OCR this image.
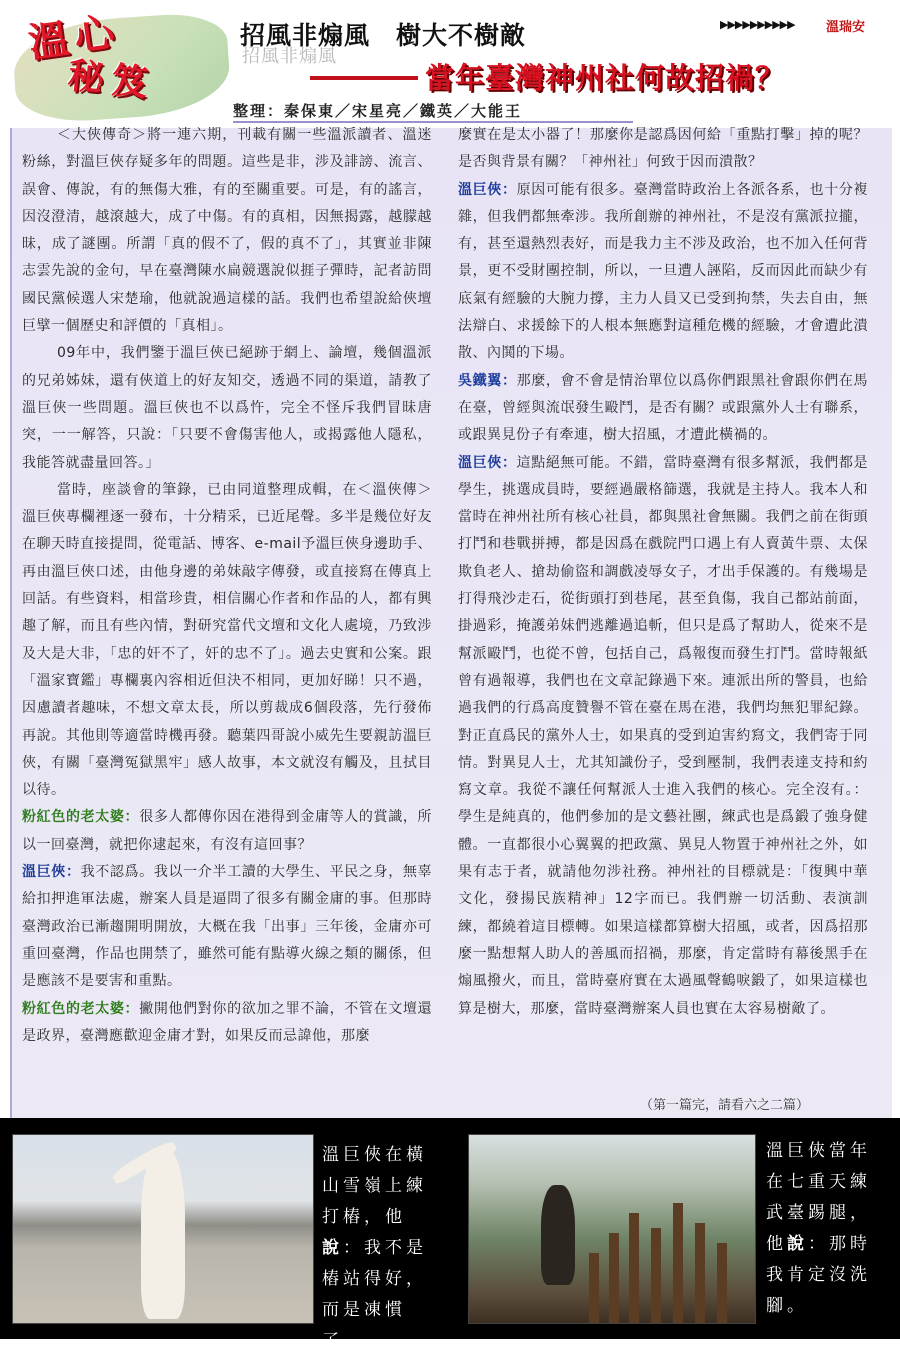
溫心
秘笈
招風非煽風　樹大不樹敵
招風非煽風
▶▶▶▶▶▶▶▶▶▶ 溫瑞安
當年臺灣神州社何故招禍？
整理：秦保東／宋星亮／鐵英／大能王

＜大俠傳奇＞將一連六期，刊載有關一些溫派讀者、溫迷粉絲，對溫巨俠存疑多年的問題。這些是非，涉及誹謗、流言、誤會、傳說，有的無傷大雅，有的至關重要。可是，有的謠言，因沒澄清，越滾越大，成了中傷。有的真相，因無揭露，越朦越昧，成了謎團。所謂「真的假不了，假的真不了」，其實並非陳志雲先說的金句，早在臺灣陳水扁競選說似捱子彈時，記者訪問國民黨候選人宋楚瑜，他就說過這樣的話。我們也希望說給俠壇巨擘一個歷史和評價的「真相」。

09年中，我們鑒于溫巨俠已絕跡于網上、論壇，幾個溫派的兄弟姊妹，還有俠道上的好友知交，透過不同的渠道，請教了溫巨俠一些問題。溫巨俠也不以爲忤，完全不怪斥我們冒昧唐突，一一解答，只說：「只要不會傷害他人，或揭露他人隱私，我能答就盡量回答。」

當時，座談會的筆錄，已由同道整理成輯，在＜溫俠傳＞溫巨俠專欄裡逐一發布，十分精采，已近尾聲。多半是幾位好友在聊天時直接提問，從電話、博客、e-mail予溫巨俠身邊助手、再由溫巨俠口述，由他身邊的弟妹敲字傳發，或直接寫在傳真上回話。有些資料，相當珍貴，相信關心作者和作品的人，都有興趣了解，而且有些內情，對研究當代文壇和文化人處境，乃致涉及大是大非，「忠的奸不了，奸的忠不了」。過去史實和公案。跟「溫家寶鑑」專欄裏內容相近但決不相同，更加好睇！只不過，因慮讀者趣味，不想文章太長，所以剪裁成6個段落，先行發佈再說。其他則等適當時機再發。聽葉四哥說小威先生要親訪溫巨俠，有關「臺灣冤獄黑牢」感人故事，本文就沒有觸及，且拭目以待。

粉紅色的老太婆：很多人都傳你因在港得到金庸等人的賞識，所以一回臺灣，就把你逮起來，有沒有這回事？

溫巨俠：我不認爲。我以一介半工讀的大學生、平民之身，無辜給扣押進軍法處，辦案人員是逼問了很多有關金庸的事。但那時臺灣政治已漸趨開明開放，大概在我「出事」三年後，金庸亦可重回臺灣，作品也開禁了，雖然可能有點導火線之類的關係，但是應該不是要害和重點。

粉紅色的老太婆：撇開他們對你的欲加之罪不論，不管在文壇還是政界，臺灣應歡迎金庸才對，如果反而忌諱他，那麼

麼實在是太小器了！那麼你是認爲因何給「重點打擊」掉的呢？是否與背景有關？「神州社」何致于因而潰散？

溫巨俠：原因可能有很多。臺灣當時政治上各派各系，也十分複雜，但我們都無牽涉。我所創辦的神州社，不是沒有黨派拉攏，有，甚至還熱烈表好，而是我力主不涉及政治，也不加入任何背景，更不受財團控制，所以，一旦遭人誣陷，反而因此而缺少有底氣有經驗的大腕力撐，主力人員又已受到拘禁，失去自由，無法辯白、求援餘下的人根本無應對這種危機的經驗，才會遭此潰散、內鬨的下場。

吳鐵翼：那麼，會不會是情治單位以爲你們跟黑社會跟你們在馬在臺，曾經與流氓發生毆鬥，是否有關？或跟黨外人士有聯系，或跟異見份子有牽連，樹大招風，才遭此橫禍的。

溫巨俠：這點絕無可能。不錯，當時臺灣有很多幫派，我們都是學生，挑選成員時，要經過嚴格篩選，我就是主持人。我本人和當時在神州社所有核心社員，都與黑社會無關。我們之前在街頭打鬥和巷戰拼搏，都是因爲在戲院門口遇上有人賣黃牛票、太保欺負老人、搶劫偷盜和調戲凌辱女子，才出手保護的。有幾場是打得飛沙走石，從街頭打到巷尾，甚至負傷，我自己都站前面，掛過彩，掩護弟妹們逃離過追斬，但只是爲了幫助人，從來不是幫派毆鬥，也從不曾，包括自己，爲報復而發生打鬥。當時報紙曾有過報導，我們也在文章記錄過下來。連派出所的警員，也給過我們的行爲高度贊譽不管在臺在馬在港，我們均無犯罪紀錄。對正直爲民的黨外人士，如果真的受到迫害約寫文，我們寄于同情。對異見人士，尤其知識份子，受到壓制，我們表達支持和約寫文章。我從不讓任何幫派人士進入我們的核心。完全沒有。：學生是純真的，他們參加的是文藝社團，練武也是爲鍛了強身健體。一直都很小心翼翼的把政黨、異見人物置于神州社之外，如果有志于者，就請他勿涉社務。神州社的目標就是：「復興中華文化，發揚民族精神」12字而已。我們辦一切活動、表演訓練，都繞着這目標轉。如果這樣都算樹大招風，或者，因爲招那麼一點想幫人助人的善風而招禍，那麼，肯定當時有幕後黑手在煽風撥火，而且，當時臺府實在太過風聲鶴唳鍛了，如果這樣也算是樹大，那麼，當時臺灣辦案人員也實在太容易樹敵了。

（第一篇完，請看六之二篇）
溫巨俠在橫山雪嶺上練打樁，他說：我不是樁站得好，而是凍慣了。
溫巨俠當年在七重天練武臺踢腿，他說：那時我肯定沒洗腳。
